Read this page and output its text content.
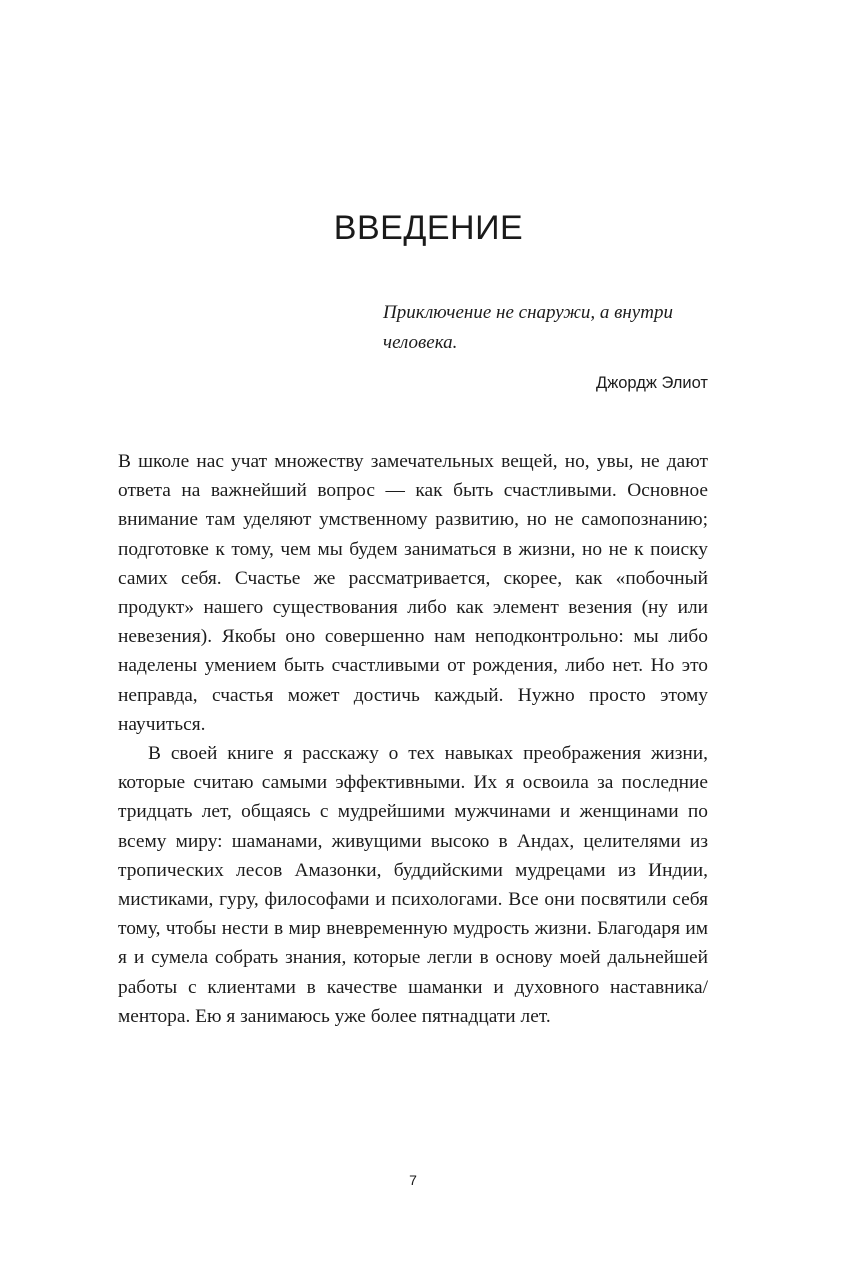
ВВЕДЕНИЕ
Приключение не снаружи, а внутри человека.
Джордж Элиот

В школе нас учат множеству замечательных вещей, но, увы, не дают ответа на важнейший вопрос — как быть счастливыми. Основное внимание там уделяют умственному развитию, но не самопознанию; подготовке к тому, чем мы будем заниматься в жизни, но не к поиску самих себя. Счастье же рассматривается, скорее, как «побочный продукт» нашего существования либо как элемент везения (ну или невезения). Якобы оно совершенно нам неподконтрольно: мы либо наделены умением быть счастливыми от рождения, либо нет. Но это неправда, счастья может достичь каждый. Нужно просто этому научиться.

В своей книге я расскажу о тех навыках преображения жизни, которые считаю самыми эффективными. Их я освоила за последние тридцать лет, общаясь с мудрейшими мужчинами и женщинами по всему миру: шаманами, живущими высоко в Андах, целителями из тропических лесов Амазонки, буддийскими мудрецами из Индии, мистиками, гуру, философами и психологами. Все они посвятили себя тому, чтобы нести в мир вневременную мудрость жизни. Благодаря им я и сумела собрать знания, которые легли в основу моей дальнейшей работы с клиентами в качестве шаманки и духовного наставника/ментора. Ею я занимаюсь уже более пятнадцати лет.

7
